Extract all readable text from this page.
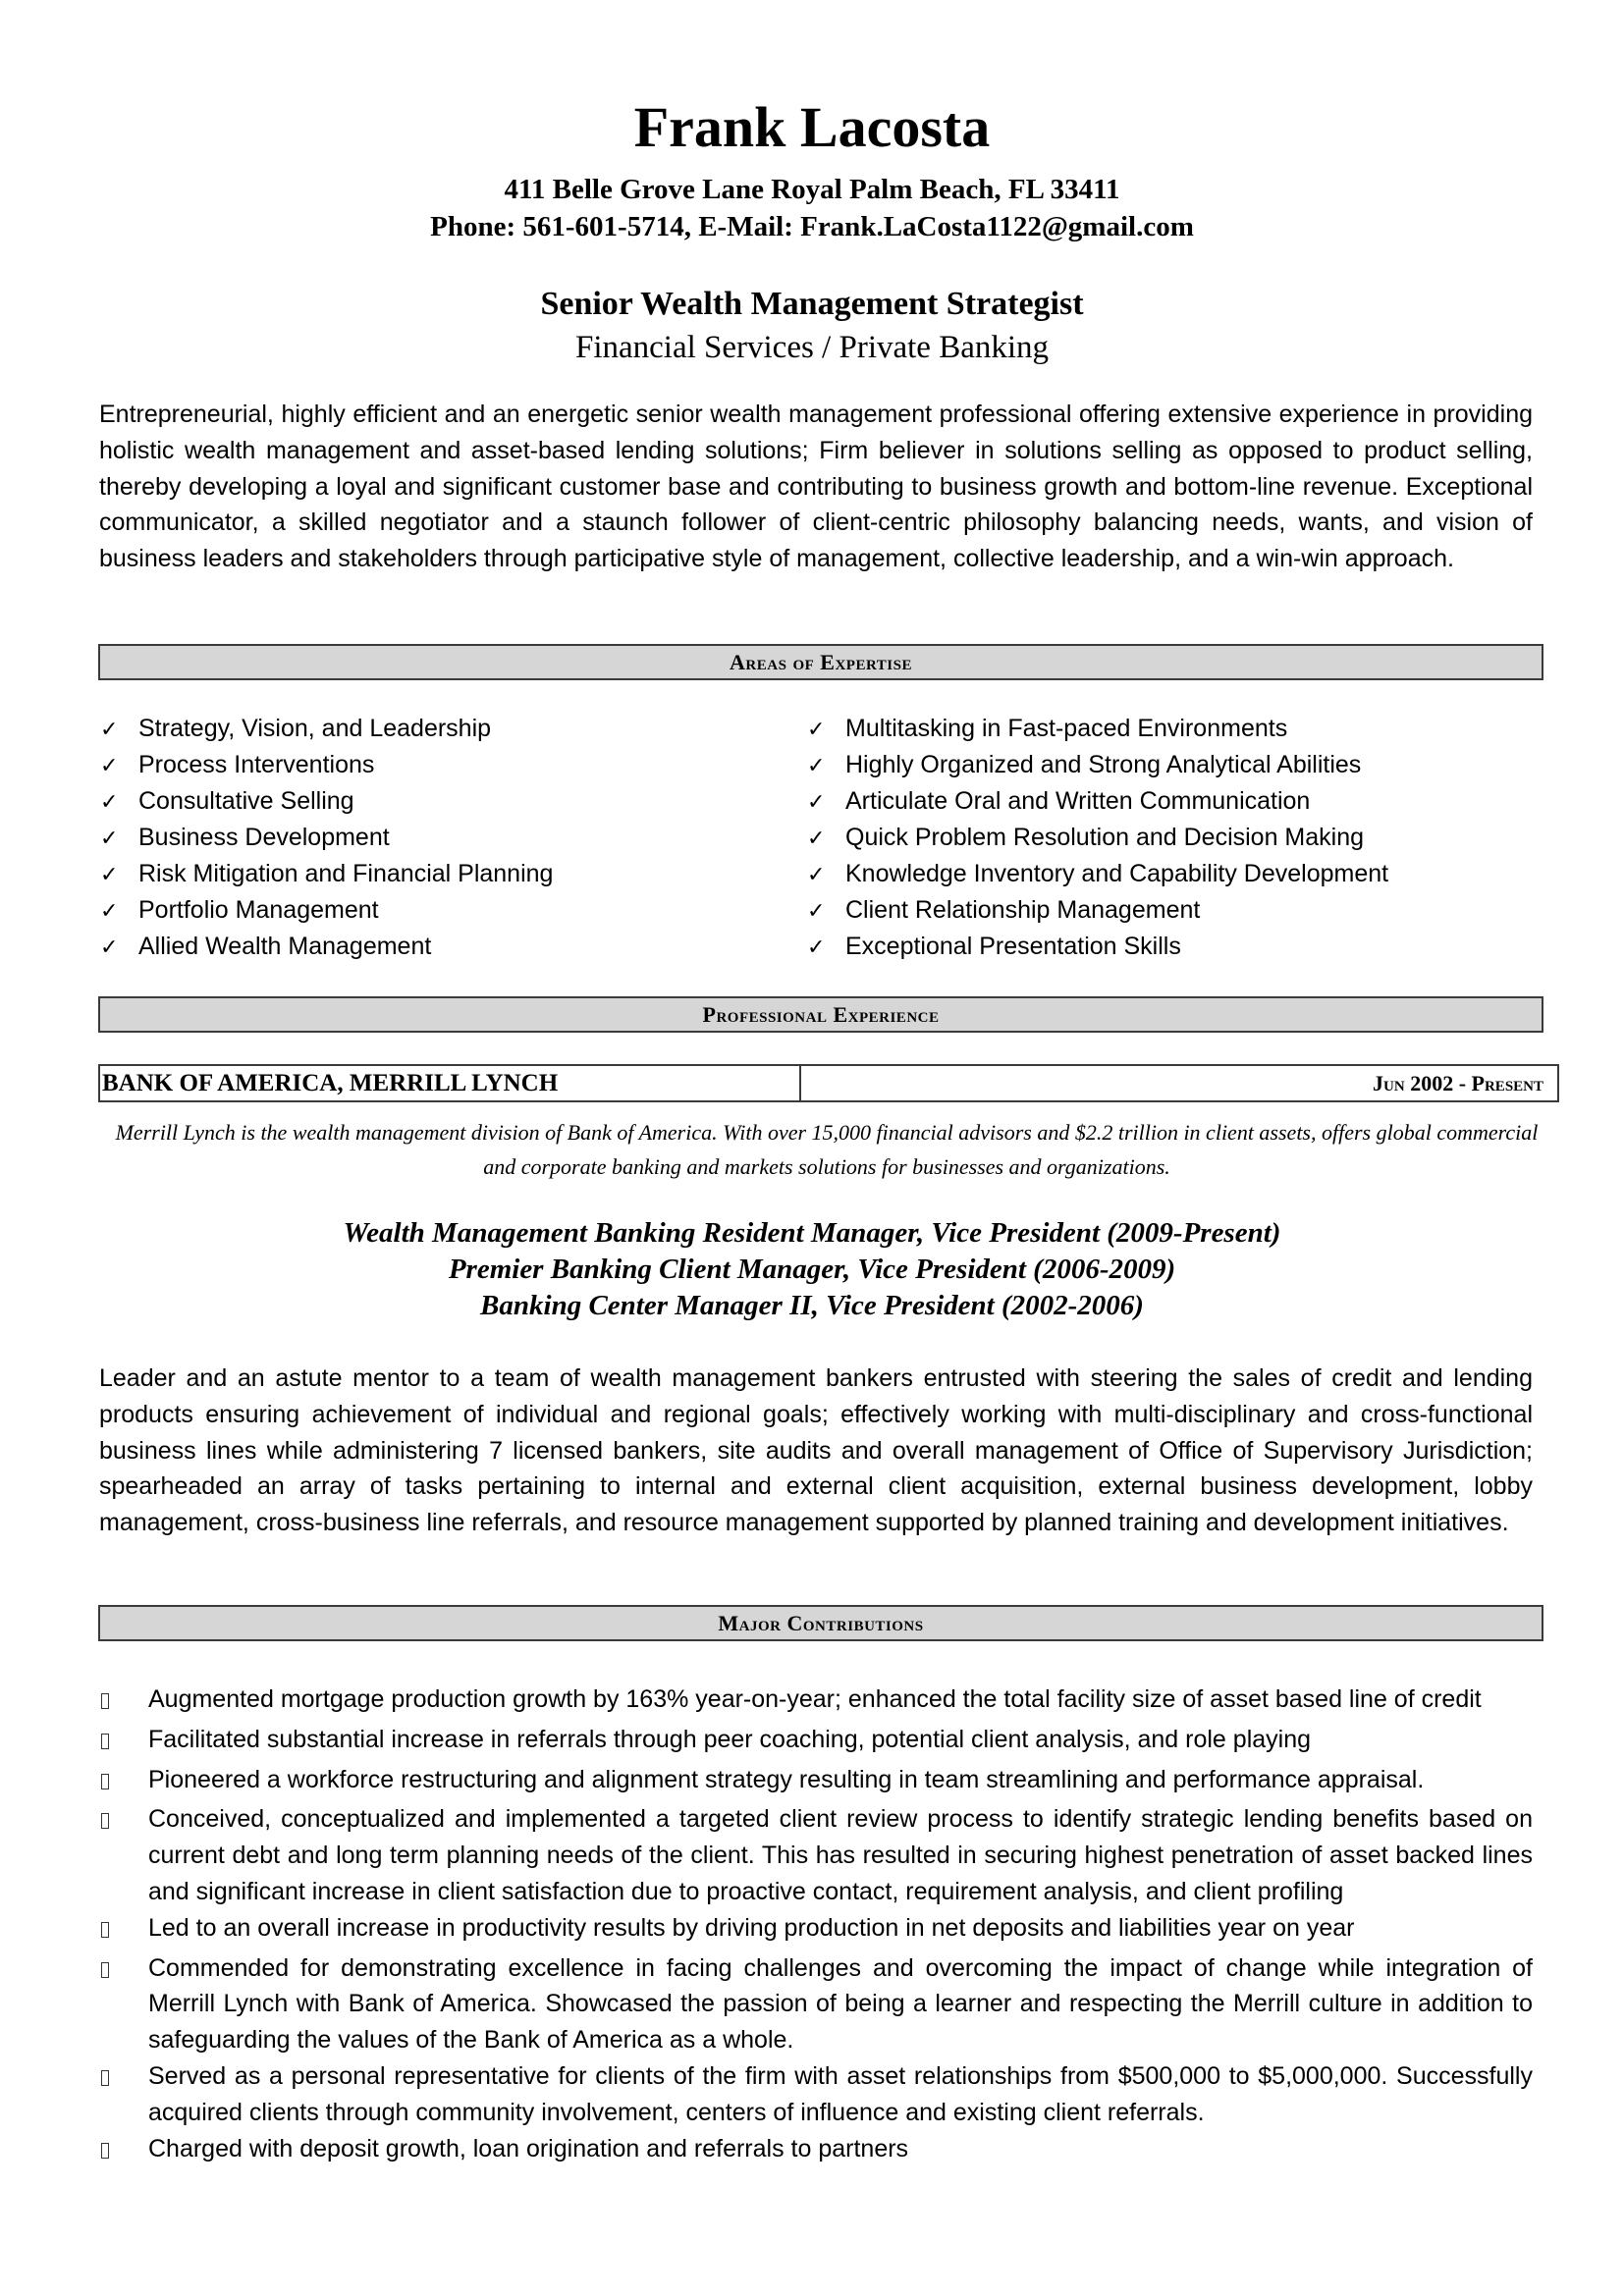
Frank Lacosta
411 Belle Grove Lane Royal Palm Beach, FL 33411
Phone: 561-601-5714, E-Mail: Frank.LaCosta1122@gmail.com
Senior Wealth Management Strategist
Financial Services / Private Banking
Entrepreneurial, highly efficient and an energetic senior wealth management professional offering extensive experience in providing holistic wealth management and asset-based lending solutions; Firm believer in solutions selling as opposed to product selling, thereby developing a loyal and significant customer base and contributing to business growth and bottom-line revenue. Exceptional communicator, a skilled negotiator and a staunch follower of client-centric philosophy balancing needs, wants, and vision of business leaders and stakeholders through participative style of management, collective leadership, and a win-win approach.
Areas of Expertise
✓ Strategy, Vision, and Leadership
✓ Process Interventions
✓ Consultative Selling
✓ Business Development
✓ Risk Mitigation and Financial Planning
✓ Portfolio Management
✓ Allied Wealth Management
✓ Multitasking in Fast-paced Environments
✓ Highly Organized and Strong Analytical Abilities
✓ Articulate Oral and Written Communication
✓ Quick Problem Resolution and Decision Making
✓ Knowledge Inventory and Capability Development
✓ Client Relationship Management
✓ Exceptional Presentation Skills
Professional Experience
BANK OF AMERICA, MERRILL LYNCH	Jun 2002 - Present
Merrill Lynch is the wealth management division of Bank of America. With over 15,000 financial advisors and $2.2 trillion in client assets, offers global commercial and corporate banking and markets solutions for businesses and organizations.
Wealth Management Banking Resident Manager, Vice President (2009-Present)
Premier Banking Client Manager, Vice President (2006-2009)
Banking Center Manager II, Vice President (2002-2006)
Leader and an astute mentor to a team of wealth management bankers entrusted with steering the sales of credit and lending products ensuring achievement of individual and regional goals; effectively working with multi-disciplinary and cross-functional business lines while administering 7 licensed bankers, site audits and overall management of Office of Supervisory Jurisdiction; spearheaded an array of tasks pertaining to internal and external client acquisition, external business development, lobby management, cross-business line referrals, and resource management supported by planned training and development initiatives.
Major Contributions
Augmented mortgage production growth by 163% year-on-year; enhanced the total facility size of asset based line of credit
Facilitated substantial increase in referrals through peer coaching, potential client analysis, and role playing
Pioneered a workforce restructuring and alignment strategy resulting in team streamlining and performance appraisal.
Conceived, conceptualized and implemented a targeted client review process to identify strategic lending benefits based on current debt and long term planning needs of the client. This has resulted in securing highest penetration of asset backed lines and significant increase in client satisfaction due to proactive contact, requirement analysis, and client profiling
Led to an overall increase in productivity results by driving production in net deposits and liabilities year on year
Commended for demonstrating excellence in facing challenges and overcoming the impact of change while integration of Merrill Lynch with Bank of America. Showcased the passion of being a learner and respecting the Merrill culture in addition to safeguarding the values of the Bank of America as a whole.
Served as a personal representative for clients of the firm with asset relationships from $500,000 to $5,000,000. Successfully acquired clients through community involvement, centers of influence and existing client referrals.
Charged with deposit growth, loan origination and referrals to partners
